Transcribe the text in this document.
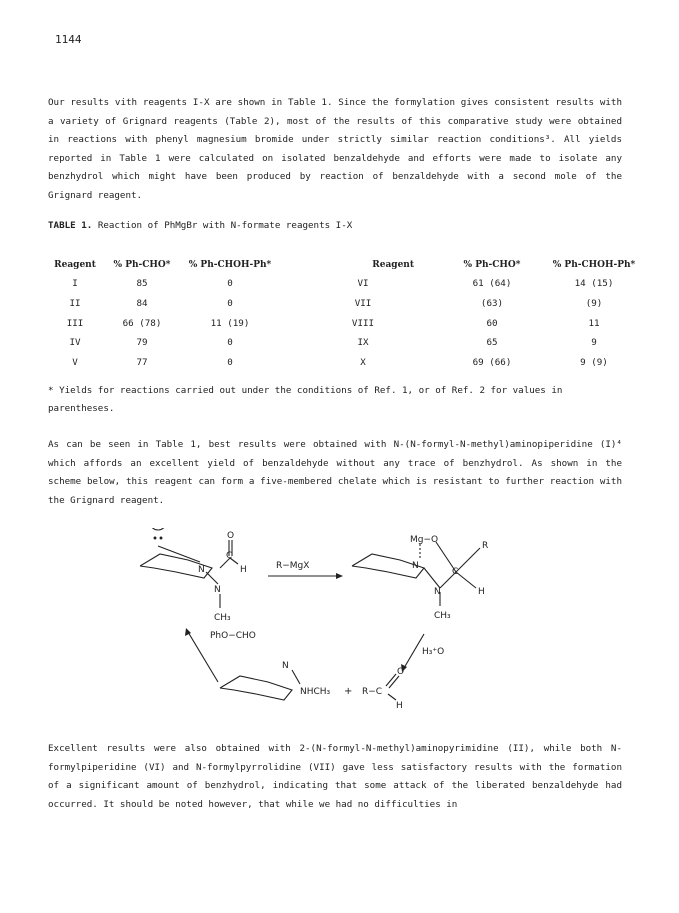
1144

Our results vith reagents I-X are shown in Table 1. Since the formylation gives consistent results with a variety of Grignard reagents (Table 2), most of the results of this comparative study were obtained in reactions with phenyl magnesium bromide under strictly similar reaction conditions³. All yields reported in Table 1 were calculated on isolated benzaldehyde and efforts were made to isolate any benzhydrol which might have been produced by reaction of benzaldehyde with a second mole of the Grignard reagent.

TABLE 1. Reaction of PhMgBr with N-formate reagents I-X
Reagent	% Ph-CHO*	% Ph-CHOH-Ph*	Reagent	% Ph-CHO*	% Ph-CHOH-Ph*
I	85	0	VI	61 (64)	14 (15)
II	84	0	VII	(63)	(9)
III	66 (78)	11 (19)	VIII	60	11
IV	79	0	IX	65	9
V	77	0	X	69 (66)	9 (9)
* Yields for reactions carried out under the conditions of Ref. 1, or of Ref. 2 for values in parentheses.

As can be seen in Table 1, best results were obtained with N-(N-formyl-N-methyl)aminopiperidine (I)⁴ which affords an excellent yield of benzaldehyde without any trace of benzhydrol. As shown in the scheme below, this reagent can form a five-membered chelate which is resistant to further reaction with the Grignard reagent.

N
N
C
O
H
CH₃
R−MgX
Mg−O
N
N
C
R
H
CH₃
H₃⁺O
PhO−CHO
N
NHCH₃ + R−C
O
H

Excellent results were also obtained with 2-(N-formyl-N-methyl)aminopyrimidine (II), while both N-formylpiperidine (VI) and N-formylpyrrolidine (VII) gave less satisfactory results with the formation of a significant amount of benzhydrol, indicating that some attack of the liberated benzaldehyde had occurred. It should be noted however, that while we had no difficulties in
